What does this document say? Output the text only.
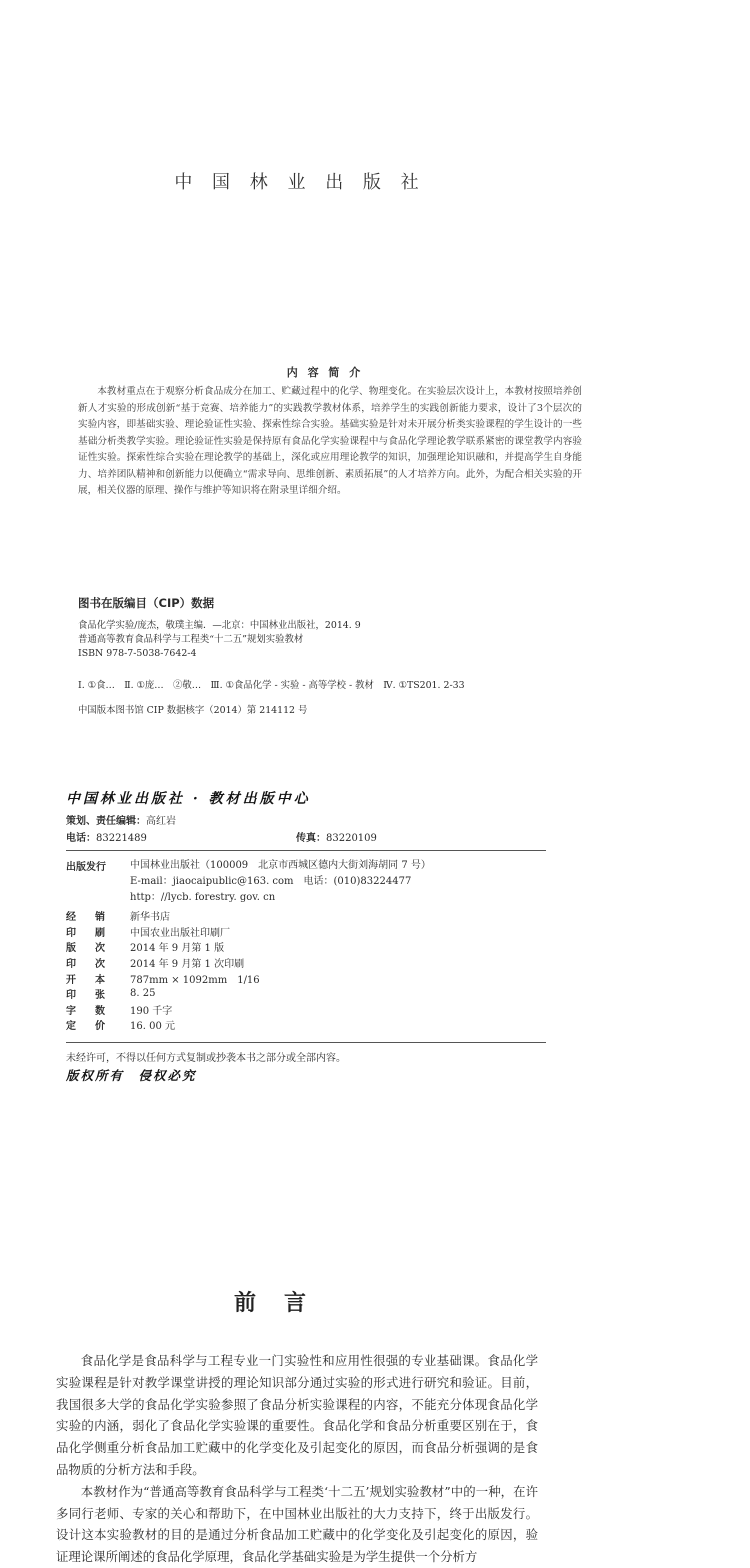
中 国 林 业 出 版 社
内 容 简 介

本教材重点在于观察分析食品成分在加工、贮藏过程中的化学、物理变化。在实验层次设计上，本教材按照培养创新人才实验的形成创新“基于竞赛、培养能力”的实践教学教材体系，培养学生的实践创新能力要求，设计了3个层次的实验内容，即基础实验、理论验证性实验、探索性综合实验。基础实验是针对未开展分析类实验课程的学生设计的一些基础分析类教学实验。理论验证性实验是保持原有食品化学实验课程中与食品化学理论教学联系紧密的课堂教学内容验证性实验。探索性综合实验在理论教学的基础上，深化或应用理论教学的知识，加强理论知识融和，并提高学生自身能力、培养团队精神和创新能力以便确立“需求导向、思维创新、素质拓展”的人才培养方向。此外，为配合相关实验的开展，相关仪器的原理、操作与维护等知识将在附录里详细介绍。

图书在版编目（CIP）数据
食品化学实验/庞杰，敬璞主编．—北京：中国林业出版社，2014. 9
普通高等教育食品科学与工程类“十二五”规划实验教材
ISBN 978-7-5038-7642-4
Ⅰ. ①食…　Ⅱ. ①庞…　②敬…　Ⅲ. ①食品化学 - 实验 - 高等学校 - 教材　Ⅳ. ①TS201. 2-33
中国版本图书馆 CIP 数据核字（2014）第 214112 号
中国林业出版社 · 教材出版中心
策划、责任编辑：高红岩
电话：83221489	传真：83220109
出版发行 中国林业出版社（100009　北京市西城区德内大街刘海胡同 7 号）
E-mail：jiaocaipublic@163. com　电话：(010)83224477
http：//lycb. forestry. gov. cn
经销	新华书店
印刷	中国农业出版社印刷厂
版次	2014 年 9 月第 1 版
印次	2014 年 9 月第 1 次印刷
开本	787mm × 1092mm　1/16
印张	8. 25
字数	190 千字
定价	16. 00 元
未经许可，不得以任何方式复制或抄袭本书之部分或全部内容。
版权所有　侵权必究
前言

食品化学是食品科学与工程专业一门实验性和应用性很强的专业基础课。食品化学实验课程是针对教学课堂讲授的理论知识部分通过实验的形式进行研究和验证。目前，我国很多大学的食品化学实验参照了食品分析实验课程的内容，不能充分体现食品化学实验的内涵，弱化了食品化学实验课的重要性。食品化学和食品分析重要区别在于，食品化学侧重分析食品加工贮藏中的化学变化及引起变化的原因，而食品分析强调的是食品物质的分析方法和手段。

本教材作为“普通高等教育食品科学与工程类‘十二五’规划实验教材”中的一种，在许多同行老师、专家的关心和帮助下，在中国林业出版社的大力支持下，终于出版发行。设计这本实验教材的目的是通过分析食品加工贮藏中的化学变化及引起变化的原因，验证理论课所阐述的食品化学原理，食品化学基础实验是为学生提供一个分析方
